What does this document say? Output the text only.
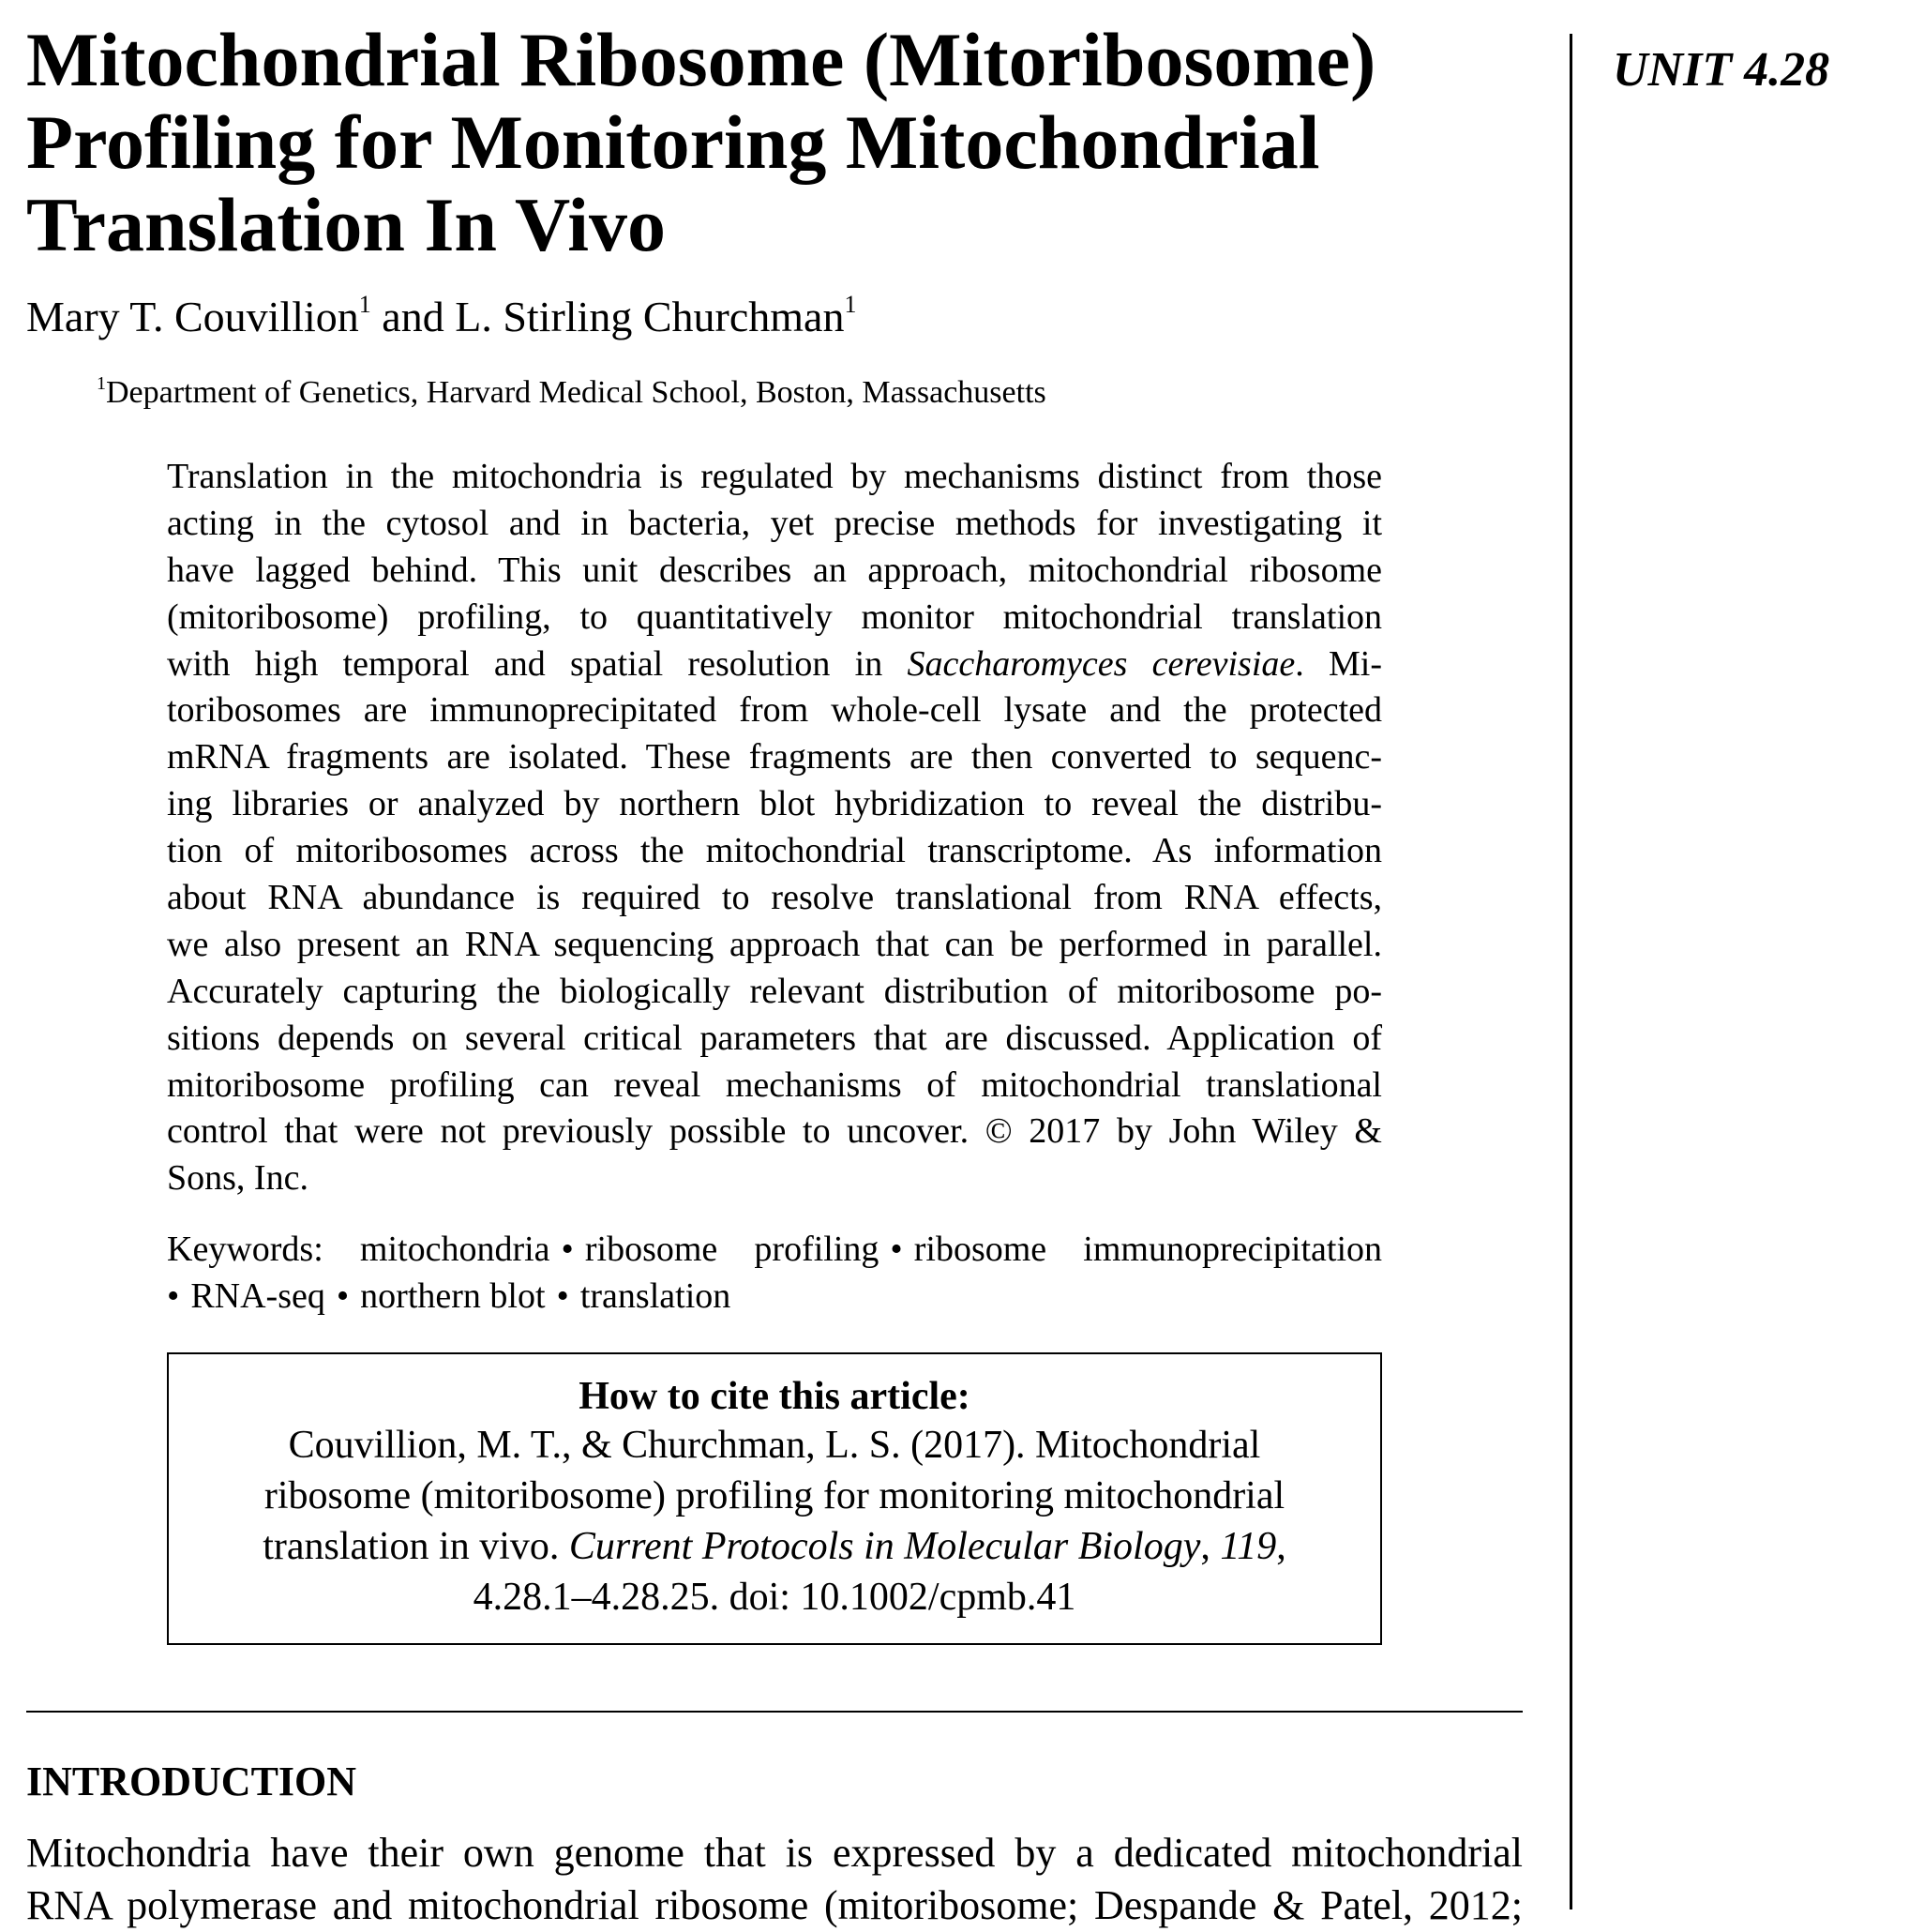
Mitochondrial Ribosome (Mitoribosome)
Profiling for Monitoring Mitochondrial
Translation In Vivo
UNIT 4.28
Mary T. Couvillion$^1$ and L. Stirling Churchman$^1$
$^1$Department of Genetics, Harvard Medical School, Boston, Massachusetts
Translation in the mitochondria is regulated by mechanisms distinct from those
acting in the cytosol and in bacteria, yet precise methods for investigating it
have lagged behind. This unit describes an approach, mitochondrial ribosome
(mitoribosome) profiling, to quantitatively monitor mitochondrial translation
with high temporal and spatial resolution in Saccharomyces cerevisiae. Mi-
toribosomes are immunoprecipitated from whole-cell lysate and the protected
mRNA fragments are isolated. These fragments are then converted to sequenc-
ing libraries or analyzed by northern blot hybridization to reveal the distribu-
tion of mitoribosomes across the mitochondrial transcriptome. As information
about RNA abundance is required to resolve translational from RNA effects,
we also present an RNA sequencing approach that can be performed in parallel.
Accurately capturing the biologically relevant distribution of mitoribosome po-
sitions depends on several critical parameters that are discussed. Application of
mitoribosome profiling can reveal mechanisms of mitochondrial translational
control that were not previously possible to uncover. © 2017 by John Wiley &
Sons, Inc.
Keywords: mitochondria • ribosome profiling • ribosome immunoprecipitation
• RNA-seq • northern blot • translation
How to cite this article:
Couvillion, M. T., & Churchman, L. S. (2017). Mitochondrial
ribosome (mitoribosome) profiling for monitoring mitochondrial
translation in vivo. Current Protocols in Molecular Biology, 119,
4.28.1–4.28.25. doi: 10.1002/cpmb.41
INTRODUCTION
Mitochondria have their own genome that is expressed by a dedicated mitochondrial
RNA polymerase and mitochondrial ribosome (mitoribosome; Despande & Patel, 2012;
